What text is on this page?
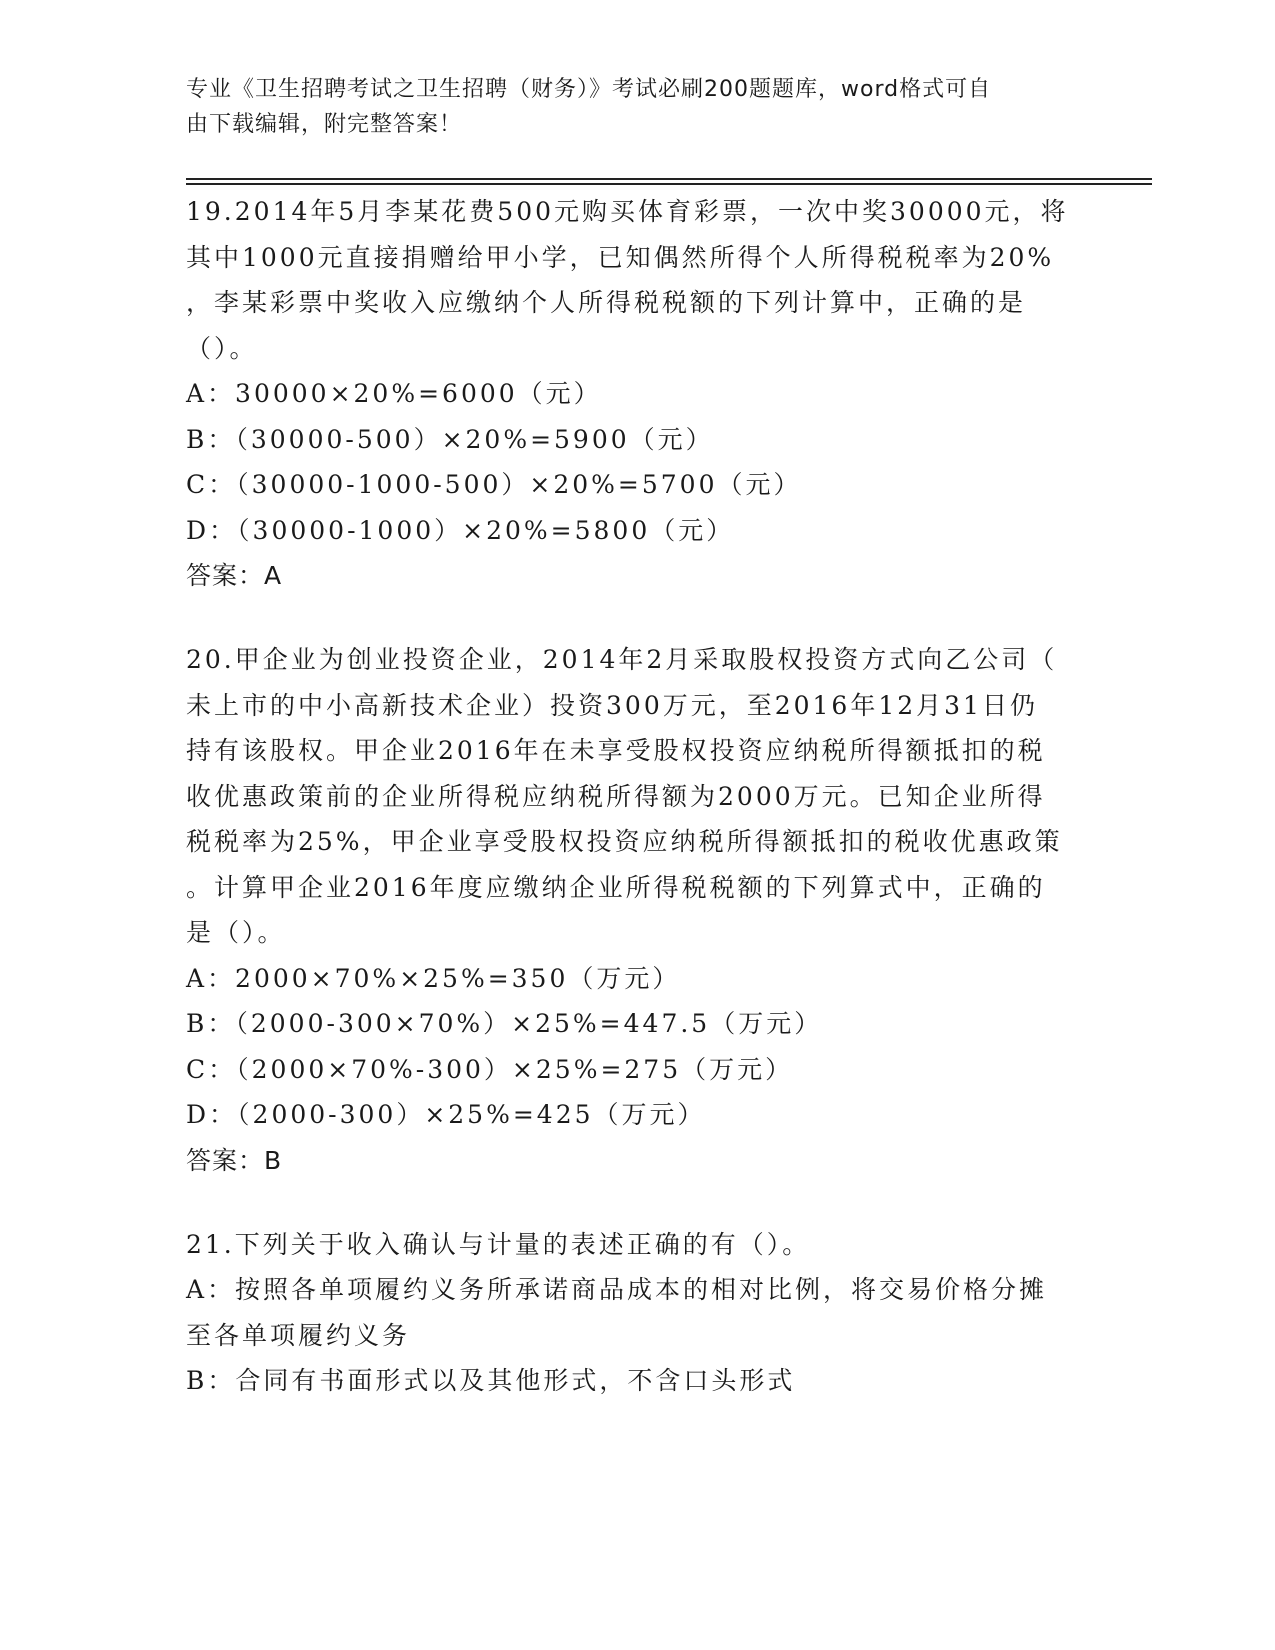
专业《卫生招聘考试之卫生招聘（财务）》考试必刷200题题库，word格式可自
由下载编辑，附完整答案！
19.2014年5月李某花费500元购买体育彩票，一次中奖30000元，将
其中1000元直接捐赠给甲小学，已知偶然所得个人所得税税率为20%
，李某彩票中奖收入应缴纳个人所得税税额的下列计算中，正确的是
（）。
A：30000×20%=6000（元）
B：（30000-500）×20%=5900（元）
C：（30000-1000-500）×20%=5700（元）
D：（30000-1000）×20%=5800（元）
答案：A
20.甲企业为创业投资企业，2014年2月采取股权投资方式向乙公司（
未上市的中小高新技术企业）投资300万元，至2016年12月31日仍
持有该股权。甲企业2016年在未享受股权投资应纳税所得额抵扣的税
收优惠政策前的企业所得税应纳税所得额为2000万元。已知企业所得
税税率为25%，甲企业享受股权投资应纳税所得额抵扣的税收优惠政策
。计算甲企业2016年度应缴纳企业所得税税额的下列算式中，正确的
是（）。
A：2000×70%×25%=350（万元）
B：（2000-300×70%）×25%=447.5（万元）
C：（2000×70%-300）×25%=275（万元）
D：（2000-300）×25%=425（万元）
答案：B
21.下列关于收入确认与计量的表述正确的有（）。
A：按照各单项履约义务所承诺商品成本的相对比例，将交易价格分摊
至各单项履约义务
B：合同有书面形式以及其他形式，不含口头形式
